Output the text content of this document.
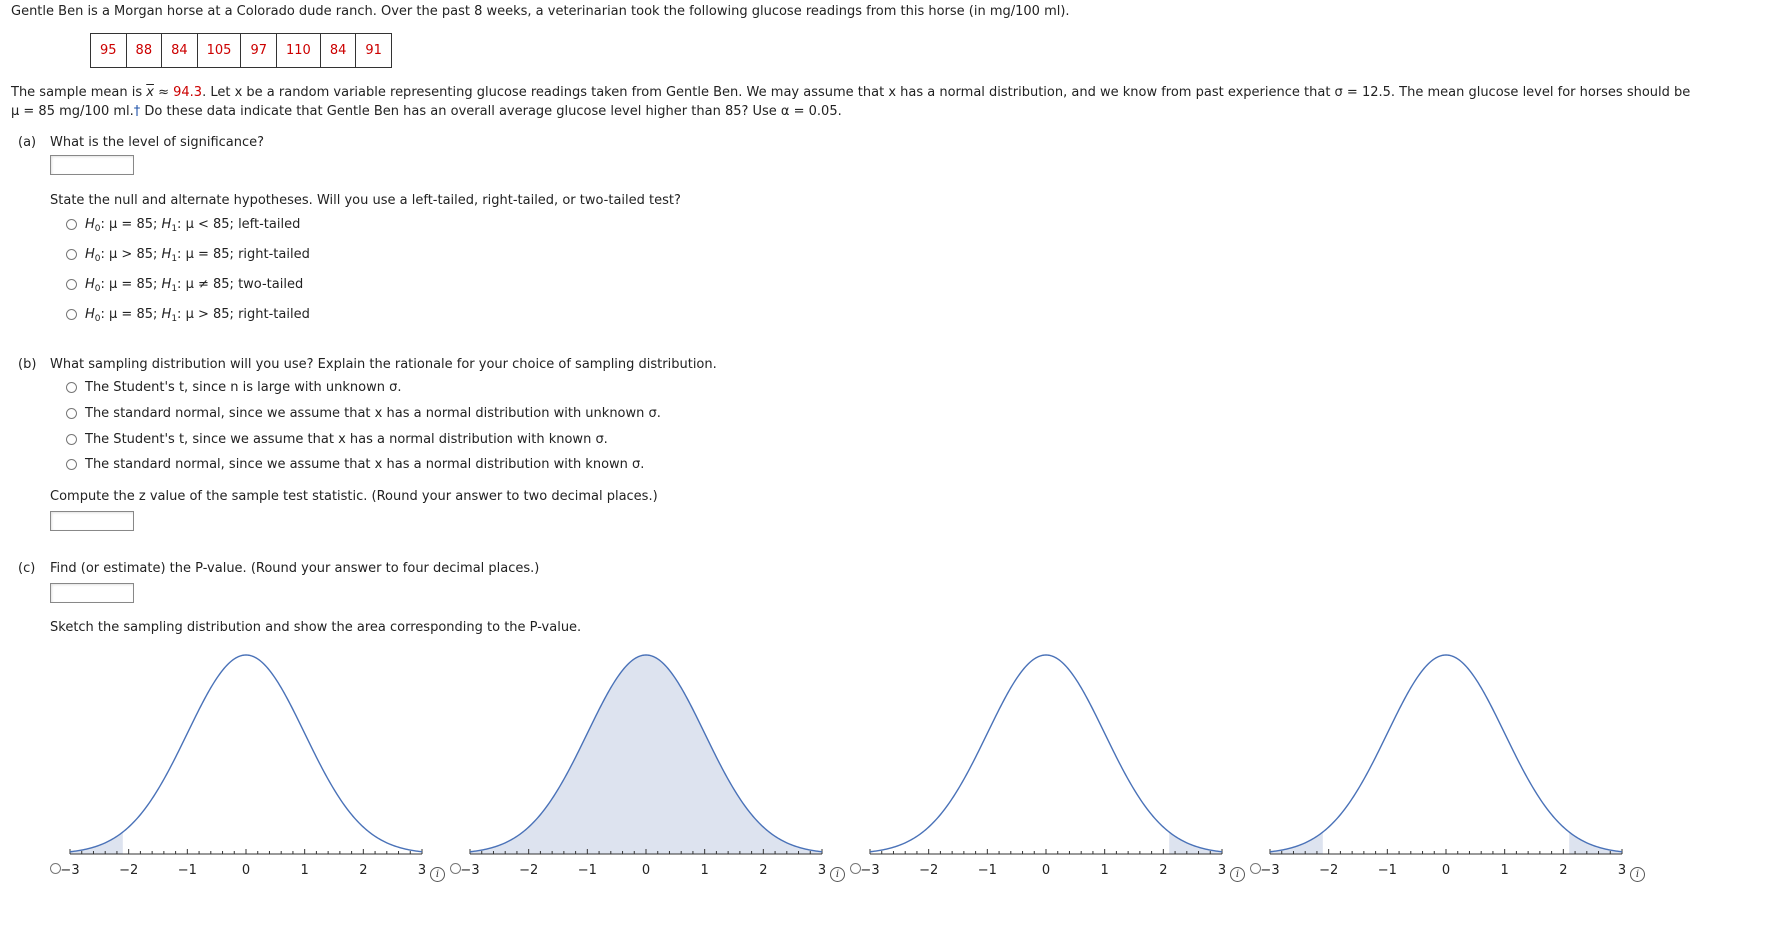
Gentle Ben is a Morgan horse at a Colorado dude ranch. Over the past 8 weeks, a veterinarian took the following glucose readings from this horse (in mg/100 ml).

95	88	84	105	97	110	84	91

The sample mean is $\overline{x} \approx 94.3$. Let x be a random variable representing glucose readings taken from Gentle Ben. We may assume that x has a normal distribution, and we know from past experience that σ = 12.5. The mean glucose level for horses should be
μ = 85 mg/100 ml.† Do these data indicate that Gentle Ben has an overall average glucose level higher than 85? Use α = 0.05.

(a) What is the level of significance?
State the null and alternate hypotheses. Will you use a left-tailed, right-tailed, or two-tailed test?
$H_0$: μ = 85; $H_1$: μ < 85; left-tailed
$H_0$: μ > 85; $H_1$: μ = 85; right-tailed
$H_0$: μ = 85; $H_1$: μ ≠ 85; two-tailed
$H_0$: μ = 85; $H_1$: μ > 85; right-tailed
(b) What sampling distribution will you use? Explain the rationale for your choice of sampling distribution.
The Student's t, since n is large with unknown σ.
The standard normal, since we assume that x has a normal distribution with unknown σ.
The Student's t, since we assume that x has a normal distribution with known σ.
The standard normal, since we assume that x has a normal distribution with known σ.
Compute the z value of the sample test statistic. (Round your answer to two decimal places.)
(c) Find (or estimate) the P-value. (Round your answer to four decimal places.)
Sketch the sampling distribution and show the area corresponding to the P-value.
−3	−2	−1	0	1	2	3 i	−3	−2	−1	0	1	2	3 i	−3	−2	−1	0	1	2	3 i	−3	−2	−1	0	1	2	3 i
